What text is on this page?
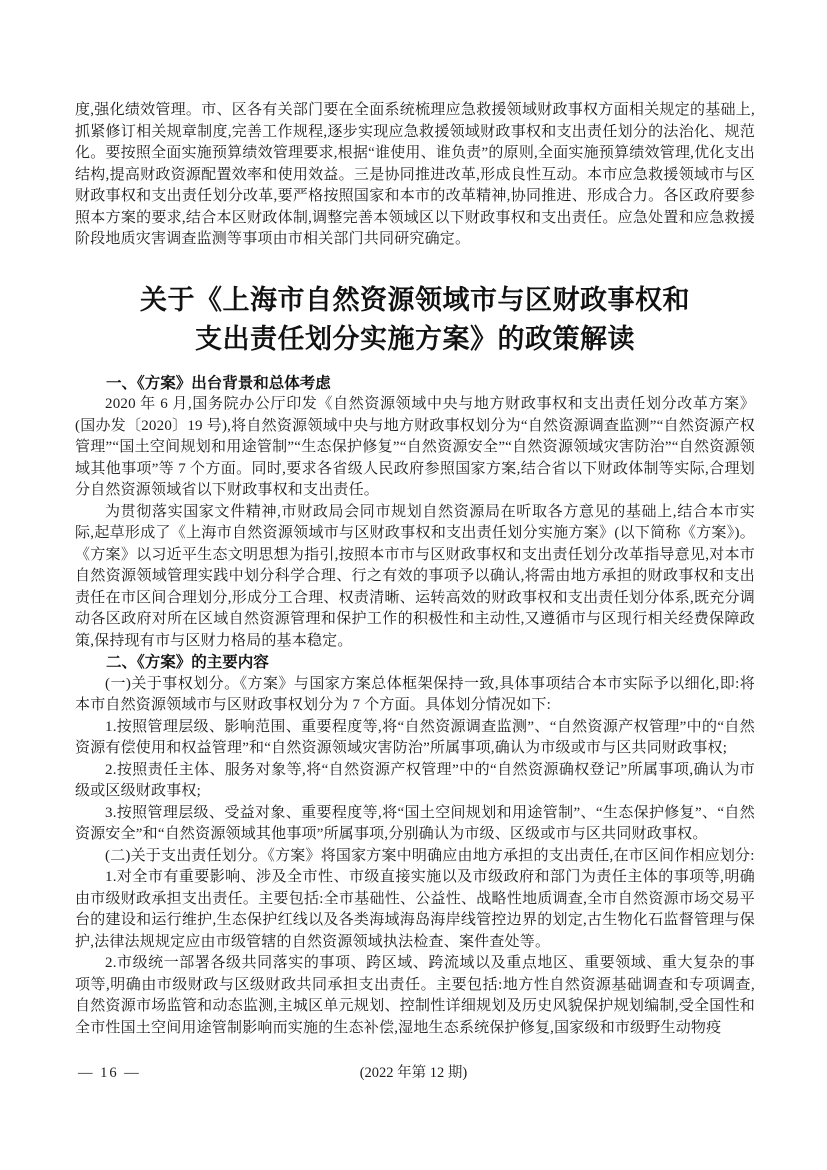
度,强化绩效管理。市、区各有关部门要在全面系统梳理应急救援领域财政事权方面相关规定的基础上,抓紧修订相关规章制度,完善工作规程,逐步实现应急救援领域财政事权和支出责任划分的法治化、规范化。要按照全面实施预算绩效管理要求,根据“谁使用、谁负责”的原则,全面实施预算绩效管理,优化支出结构,提高财政资源配置效率和使用效益。三是协同推进改革,形成良性互动。本市应急救援领域市与区财政事权和支出责任划分改革,要严格按照国家和本市的改革精神,协同推进、形成合力。各区政府要参照本方案的要求,结合本区财政体制,调整完善本领域区以下财政事权和支出责任。应急处置和应急救援阶段地质灾害调查监测等事项由市相关部门共同研究确定。

关于《上海市自然资源领域市与区财政事权和
支出责任划分实施方案》的政策解读
一、《方案》出台背景和总体考虑

2020 年 6 月,国务院办公厅印发《自然资源领域中央与地方财政事权和支出责任划分改革方案》(国办发〔2020〕19 号),将自然资源领域中央与地方财政事权划分为“自然资源调查监测”“自然资源产权管理”“国土空间规划和用途管制”“生态保护修复”“自然资源安全”“自然资源领域灾害防治”“自然资源领域其他事项”等 7 个方面。同时,要求各省级人民政府参照国家方案,结合省以下财政体制等实际,合理划分自然资源领域省以下财政事权和支出责任。

为贯彻落实国家文件精神,市财政局会同市规划自然资源局在听取各方意见的基础上,结合本市实际,起草形成了《上海市自然资源领域市与区财政事权和支出责任划分实施方案》(以下简称《方案》)。《方案》以习近平生态文明思想为指引,按照本市市与区财政事权和支出责任划分改革指导意见,对本市自然资源领域管理实践中划分科学合理、行之有效的事项予以确认,将需由地方承担的财政事权和支出责任在市区间合理划分,形成分工合理、权责清晰、运转高效的财政事权和支出责任划分体系,既充分调动各区政府对所在区域自然资源管理和保护工作的积极性和主动性,又遵循市与区现行相关经费保障政策,保持现有市与区财力格局的基本稳定。

二、《方案》的主要内容

(一)关于事权划分。《方案》与国家方案总体框架保持一致,具体事项结合本市实际予以细化,即:将本市自然资源领域市与区财政事权划分为 7 个方面。具体划分情况如下:

1.按照管理层级、影响范围、重要程度等,将“自然资源调查监测”、“自然资源产权管理”中的“自然资源有偿使用和权益管理”和“自然资源领域灾害防治”所属事项,确认为市级或市与区共同财政事权;

2.按照责任主体、服务对象等,将“自然资源产权管理”中的“自然资源确权登记”所属事项,确认为市级或区级财政事权;

3.按照管理层级、受益对象、重要程度等,将“国土空间规划和用途管制”、“生态保护修复”、“自然资源安全”和“自然资源领域其他事项”所属事项,分别确认为市级、区级或市与区共同财政事权。

(二)关于支出责任划分。《方案》将国家方案中明确应由地方承担的支出责任,在市区间作相应划分:

1.对全市有重要影响、涉及全市性、市级直接实施以及市级政府和部门为责任主体的事项等,明确由市级财政承担支出责任。主要包括:全市基础性、公益性、战略性地质调查,全市自然资源市场交易平台的建设和运行维护,生态保护红线以及各类海域海岛海岸线管控边界的划定,古生物化石监督管理与保护,法律法规规定应由市级管辖的自然资源领域执法检查、案件查处等。

2.市级统一部署各级共同落实的事项、跨区域、跨流域以及重点地区、重要领域、重大复杂的事项等,明确由市级财政与区级财政共同承担支出责任。主要包括:地方性自然资源基础调查和专项调查,自然资源市场监管和动态监测,主城区单元规划、控制性详细规划及历史风貌保护规划编制,受全国性和全市性国土空间用途管制影响而实施的生态补偿,湿地生态系统保护修复,国家级和市级野生动物疫

— 16 —	(2022 年第 12 期)
